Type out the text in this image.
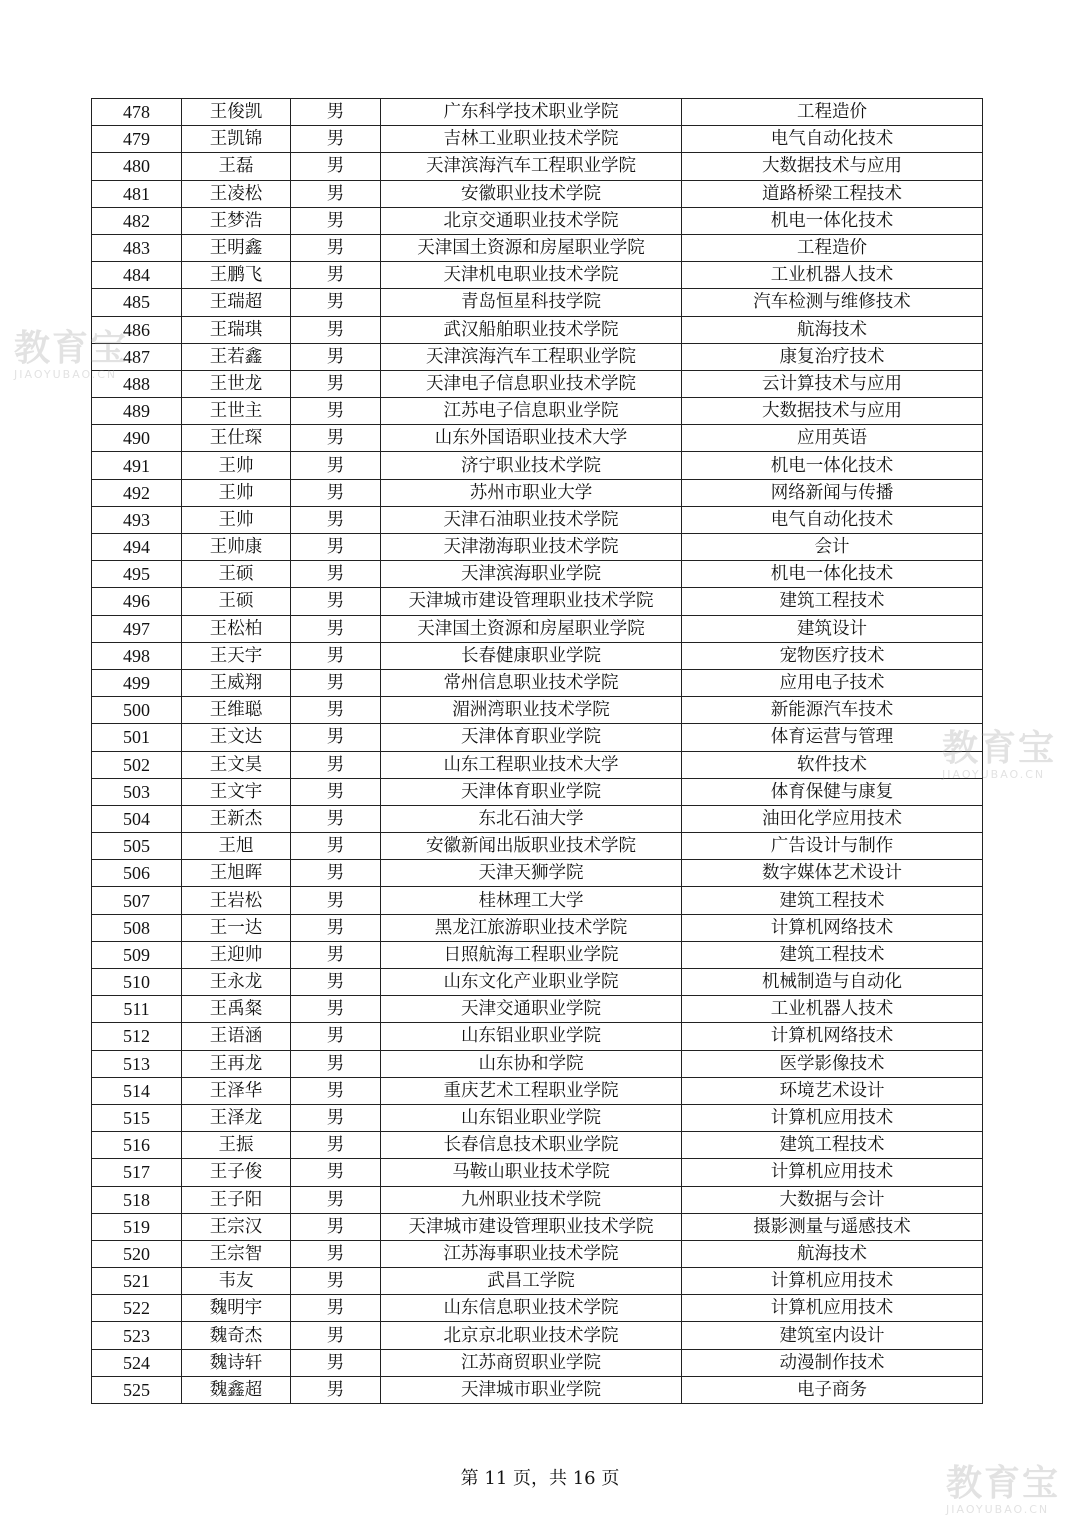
478	王俊凯	男	广东科学技术职业学院	工程造价
479	王凯锦	男	吉林工业职业技术学院	电气自动化技术
480	王磊	男	天津滨海汽车工程职业学院	大数据技术与应用
481	王凌松	男	安徽职业技术学院	道路桥梁工程技术
482	王梦浩	男	北京交通职业技术学院	机电一体化技术
483	王明鑫	男	天津国土资源和房屋职业学院	工程造价
484	王鹏飞	男	天津机电职业技术学院	工业机器人技术
485	王瑞超	男	青岛恒星科技学院	汽车检测与维修技术
486	王瑞琪	男	武汉船舶职业技术学院	航海技术
487	王若鑫	男	天津滨海汽车工程职业学院	康复治疗技术
488	王世龙	男	天津电子信息职业技术学院	云计算技术与应用
489	王世主	男	江苏电子信息职业学院	大数据技术与应用
490	王仕琛	男	山东外国语职业技术大学	应用英语
491	王帅	男	济宁职业技术学院	机电一体化技术
492	王帅	男	苏州市职业大学	网络新闻与传播
493	王帅	男	天津石油职业技术学院	电气自动化技术
494	王帅康	男	天津渤海职业技术学院	会计
495	王硕	男	天津滨海职业学院	机电一体化技术
496	王硕	男	天津城市建设管理职业技术学院	建筑工程技术
497	王松柏	男	天津国土资源和房屋职业学院	建筑设计
498	王天宇	男	长春健康职业学院	宠物医疗技术
499	王威翔	男	常州信息职业技术学院	应用电子技术
500	王维聪	男	湄洲湾职业技术学院	新能源汽车技术
501	王文达	男	天津体育职业学院	体育运营与管理
502	王文昊	男	山东工程职业技术大学	软件技术
503	王文宇	男	天津体育职业学院	体育保健与康复
504	王新杰	男	东北石油大学	油田化学应用技术
505	王旭	男	安徽新闻出版职业技术学院	广告设计与制作
506	王旭晖	男	天津天狮学院	数字媒体艺术设计
507	王岩松	男	桂林理工大学	建筑工程技术
508	王一达	男	黑龙江旅游职业技术学院	计算机网络技术
509	王迎帅	男	日照航海工程职业学院	建筑工程技术
510	王永龙	男	山东文化产业职业学院	机械制造与自动化
511	王禹粲	男	天津交通职业学院	工业机器人技术
512	王语涵	男	山东铝业职业学院	计算机网络技术
513	王再龙	男	山东协和学院	医学影像技术
514	王泽华	男	重庆艺术工程职业学院	环境艺术设计
515	王泽龙	男	山东铝业职业学院	计算机应用技术
516	王振	男	长春信息技术职业学院	建筑工程技术
517	王子俊	男	马鞍山职业技术学院	计算机应用技术
518	王子阳	男	九州职业技术学院	大数据与会计
519	王宗汉	男	天津城市建设管理职业技术学院	摄影测量与遥感技术
520	王宗智	男	江苏海事职业技术学院	航海技术
521	韦友	男	武昌工学院	计算机应用技术
522	魏明宇	男	山东信息职业技术学院	计算机应用技术
523	魏奇杰	男	北京京北职业技术学院	建筑室内设计
524	魏诗轩	男	江苏商贸职业学院	动漫制作技术
525	魏鑫超	男	天津城市职业学院	电子商务
第 11 页，共 16 页
教育宝
JIAOYUBAO.CN
教育宝
JIAOYUBAO.CN
教育宝
JIAOYUBAO.CN
